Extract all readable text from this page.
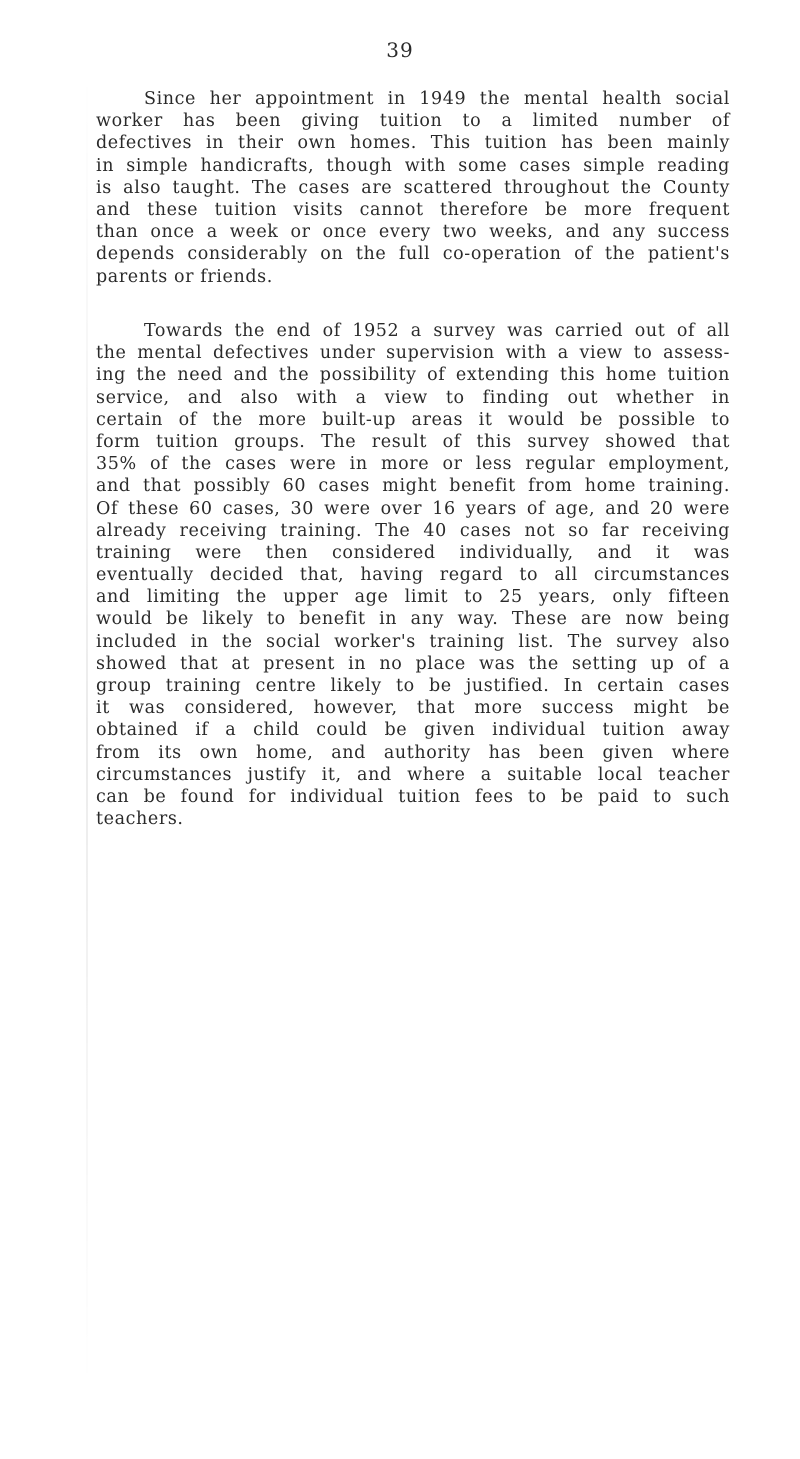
39
Since her appointment in 1949 the mental health social
worker has been giving tuition to a limited number of
defectives in their own homes. This tuition has been mainly
in simple handicrafts, though with some cases simple reading
is also taught. The cases are scattered throughout the County
and these tuition visits cannot therefore be more frequent
than once a week or once every two weeks, and any success
depends considerably on the full co-operation of the patient's
parents or friends.
Towards the end of 1952 a survey was carried out of all
the mental defectives under supervision with a view to assess-
ing the need and the possibility of extending this home tuition
service, and also with a view to finding out whether in
certain of the more built-up areas it would be possible to
form tuition groups. The result of this survey showed that
35% of the cases were in more or less regular employment,
and that possibly 60 cases might benefit from home training.
Of these 60 cases, 30 were over 16 years of age, and 20 were
already receiving training. The 40 cases not so far receiving
training were then considered individually, and it was
eventually decided that, having regard to all circumstances
and limiting the upper age limit to 25 years, only fifteen
would be likely to benefit in any way. These are now being
included in the social worker's training list. The survey also
showed that at present in no place was the setting up of a
group training centre likely to be justified. In certain cases
it was considered, however, that more success might be
obtained if a child could be given individual tuition away
from its own home, and authority has been given where
circumstances justify it, and where a suitable local teacher
can be found for individual tuition fees to be paid to such
teachers.
